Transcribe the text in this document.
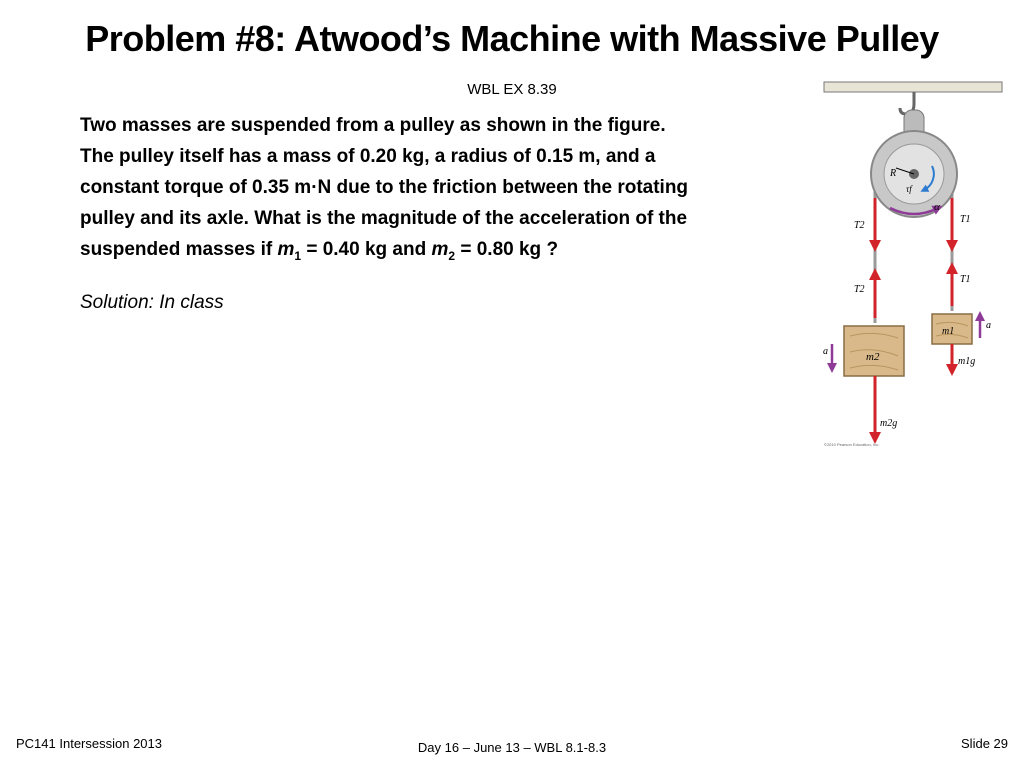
Problem #8: Atwood’s Machine with Massive Pulley
WBL EX 8.39
Two masses are suspended from a pulley as shown in the figure.
The pulley itself has a mass of 0.20 kg, a radius of 0.15 m, and a
constant torque of 0.35 m·N due to the friction between the rotating
pulley and its axle. What is the magnitude of the acceleration of the
suspended masses if $m_1 = 0.40$ kg and $m_2 = 0.80$ kg ?
Solution: In class
R
τf
α
T2
T1
T2
T1
m2
a
m1
a
m1g
m2g
©2010 Pearson Education, Inc.
PC141 Intersession 2013	Day 16 – June 13 – WBL 8.1-8.3	Slide 29
